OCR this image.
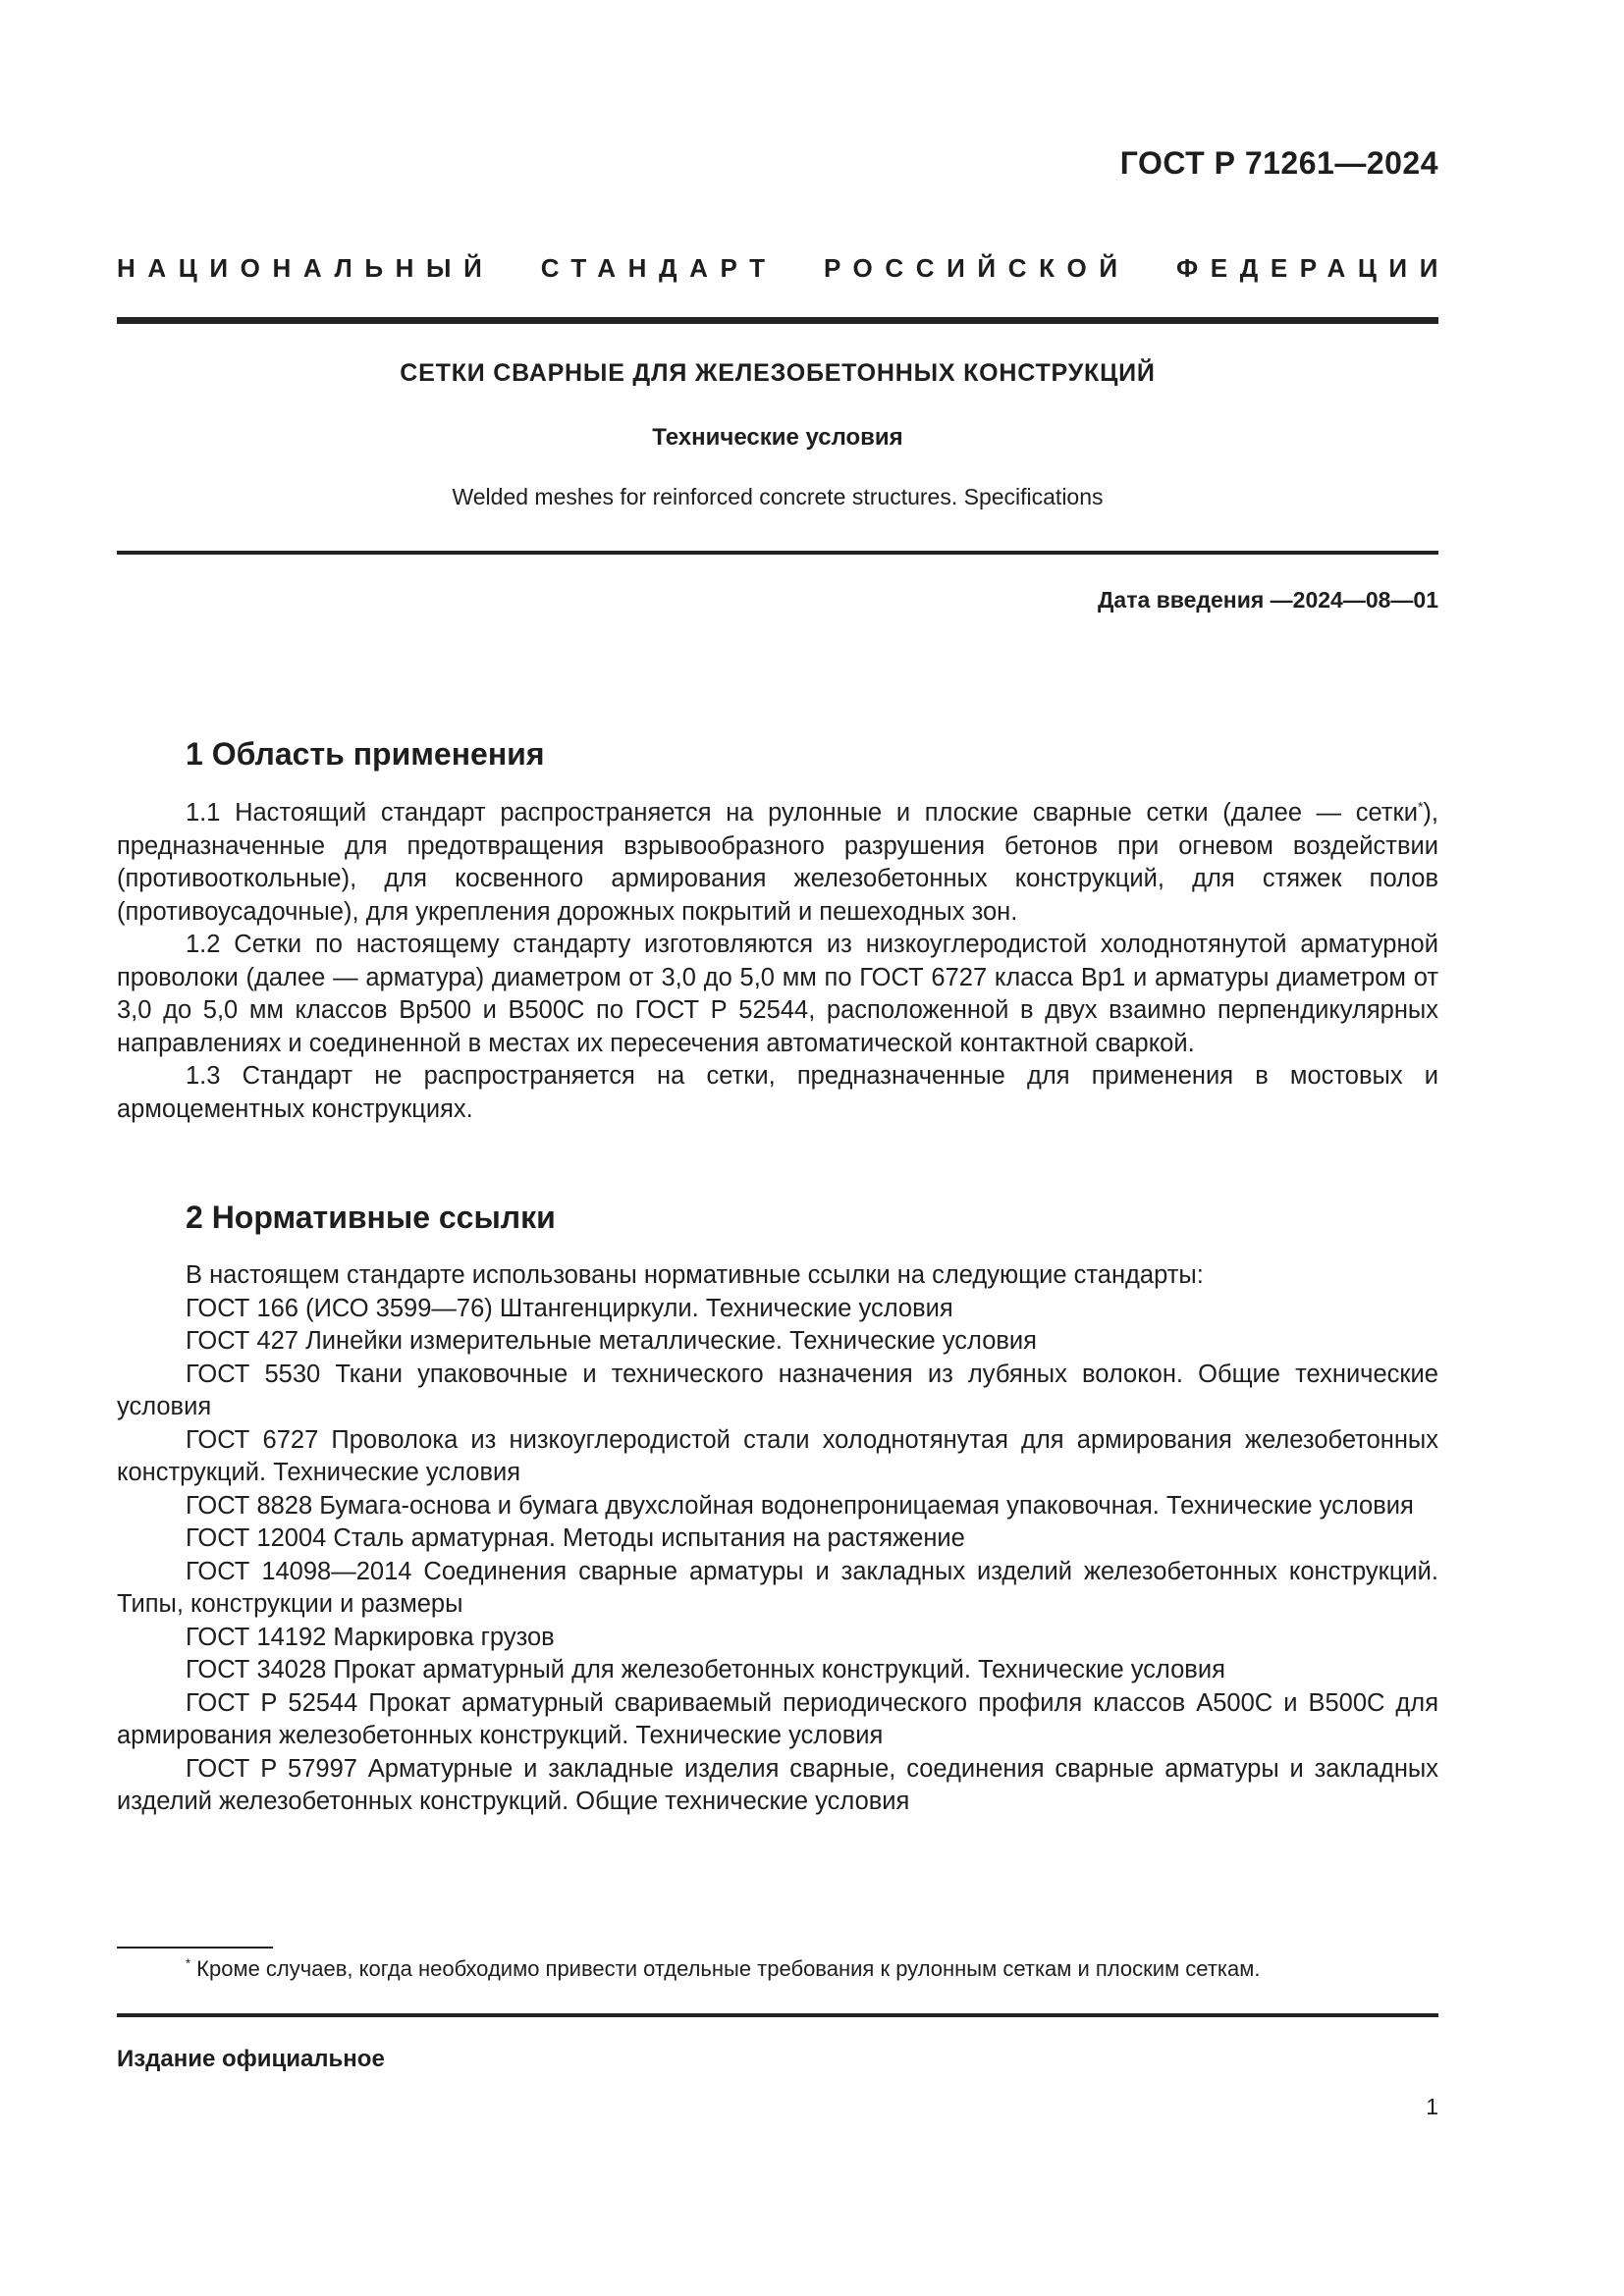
ГОСТ Р 71261—2024
НАЦИОНАЛЬНЫЙ СТАНДАРТ РОССИЙСКОЙ ФЕДЕРАЦИИ
СЕТКИ СВАРНЫЕ ДЛЯ ЖЕЛЕЗОБЕТОННЫХ КОНСТРУКЦИЙ
Технические условия
Welded meshes for reinforced concrete structures. Specifications
Дата введения —2024—08—01
1 Область применения

1.1 Настоящий стандарт распространяется на рулонные и плоские сварные сетки (далее — сетки*), предназначенные для предотвращения взрывообразного разрушения бетонов при огневом воздействии (противооткольные), для косвенного армирования железобетонных конструкций, для стяжек полов (противоусадочные), для укрепления дорожных покрытий и пешеходных зон.

1.2 Сетки по настоящему стандарту изготовляются из низкоуглеродистой холоднотянутой арматурной проволоки (далее — арматура) диаметром от 3,0 до 5,0 мм по ГОСТ 6727 класса Вр1 и арматуры диаметром от 3,0 до 5,0 мм классов Вр500 и В500С по ГОСТ Р 52544, расположенной в двух взаимно перпендикулярных направлениях и соединенной в местах их пересечения автоматической контактной сваркой.

1.3 Стандарт не распространяется на сетки, предназначенные для применения в мостовых и армоцементных конструкциях.

2 Нормативные ссылки

В настоящем стандарте использованы нормативные ссылки на следующие стандарты:

ГОСТ 166 (ИСО 3599—76) Штангенциркули. Технические условия

ГОСТ 427 Линейки измерительные металлические. Технические условия

ГОСТ 5530 Ткани упаковочные и технического назначения из лубяных волокон. Общие технические условия

ГОСТ 6727 Проволока из низкоуглеродистой стали холоднотянутая для армирования железобетонных конструкций. Технические условия

ГОСТ 8828 Бумага-основа и бумага двухслойная водонепроницаемая упаковочная. Технические условия

ГОСТ 12004 Сталь арматурная. Методы испытания на растяжение

ГОСТ 14098—2014 Соединения сварные арматуры и закладных изделий железобетонных конструкций. Типы, конструкции и размеры

ГОСТ 14192 Маркировка грузов

ГОСТ 34028 Прокат арматурный для железобетонных конструкций. Технические условия

ГОСТ Р 52544 Прокат арматурный свариваемый периодического профиля классов А500С и В500С для армирования железобетонных конструкций. Технические условия

ГОСТ Р 57997 Арматурные и закладные изделия сварные, соединения сварные арматуры и закладных изделий железобетонных конструкций. Общие технические условия

* Кроме случаев, когда необходимо привести отдельные требования к рулонным сеткам и плоским сеткам.
Издание официальное
1
